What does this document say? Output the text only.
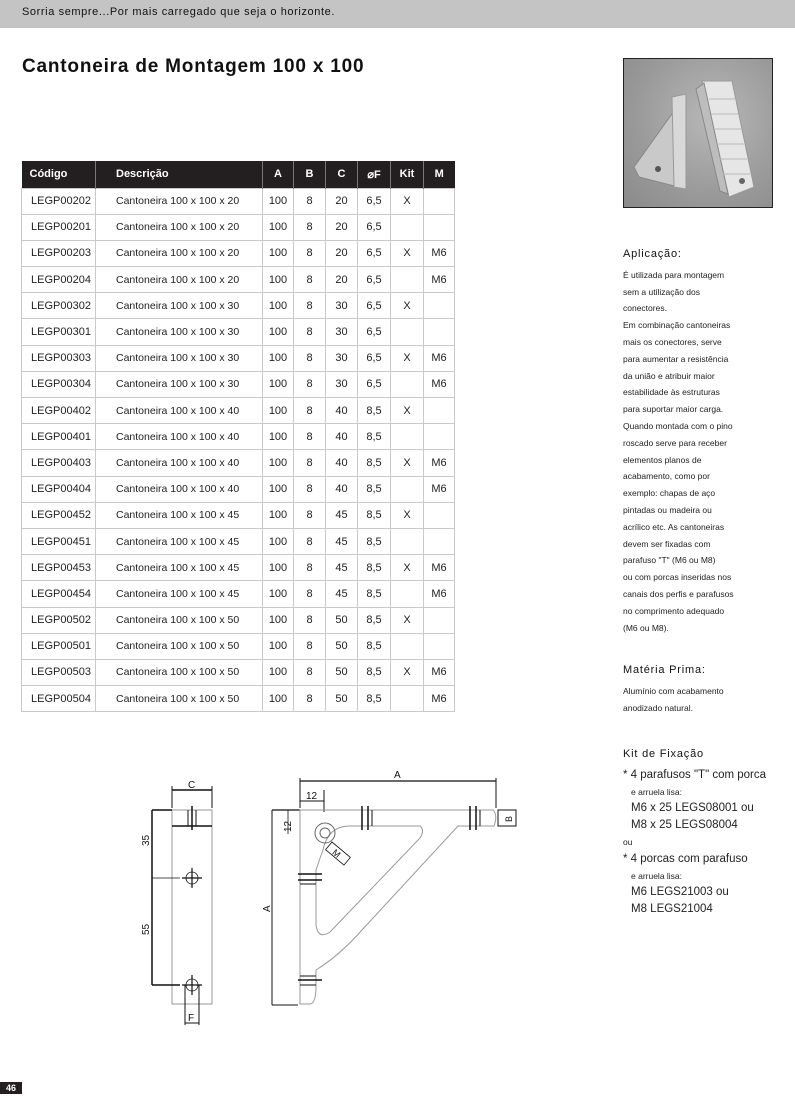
Sorria sempre...Por mais carregado que seja o horizonte.
Cantoneira de Montagem 100 x 100
Código	Descrição	A	B	C	⌀F	Kit	M
LEGP00202	Cantoneira 100 x 100 x 20	100	8	20	6,5	X	
LEGP00201	Cantoneira 100 x 100 x 20	100	8	20	6,5		
LEGP00203	Cantoneira 100 x 100 x 20	100	8	20	6,5	X	M6
LEGP00204	Cantoneira 100 x 100 x 20	100	8	20	6,5		M6
LEGP00302	Cantoneira 100 x 100 x 30	100	8	30	6,5	X	
LEGP00301	Cantoneira 100 x 100 x 30	100	8	30	6,5		
LEGP00303	Cantoneira 100 x 100 x 30	100	8	30	6,5	X	M6
LEGP00304	Cantoneira 100 x 100 x 30	100	8	30	6,5		M6
LEGP00402	Cantoneira 100 x 100 x 40	100	8	40	8,5	X	
LEGP00401	Cantoneira 100 x 100 x 40	100	8	40	8,5		
LEGP00403	Cantoneira 100 x 100 x 40	100	8	40	8,5	X	M6
LEGP00404	Cantoneira 100 x 100 x 40	100	8	40	8,5		M6
LEGP00452	Cantoneira 100 x 100 x 45	100	8	45	8,5	X	
LEGP00451	Cantoneira 100 x 100 x 45	100	8	45	8,5		
LEGP00453	Cantoneira 100 x 100 x 45	100	8	45	8,5	X	M6
LEGP00454	Cantoneira 100 x 100 x 45	100	8	45	8,5		M6
LEGP00502	Cantoneira 100 x 100 x 50	100	8	50	8,5	X	
LEGP00501	Cantoneira 100 x 100 x 50	100	8	50	8,5		
LEGP00503	Cantoneira 100 x 100 x 50	100	8	50	8,5	X	M6
LEGP00504	Cantoneira 100 x 100 x 50	100	8	50	8,5		M6
Aplicação:

É utilizada para montagem

sem a utilização dos

conectores.

Em combinação cantoneiras

mais os conectores, serve

para aumentar a resistência

da união e atribuir maior

estabilidade às estruturas

para suportar maior carga.

Quando montada com o pino

roscado serve para receber

elementos planos de

acabamento, como por

exemplo: chapas de aço

pintadas ou madeira ou

acrílico etc. As cantoneiras

devem ser fixadas com

parafuso "T" (M6 ou M8)

ou com porcas inseridas nos

canais dos perfis e parafusos

no comprimento adequado

(M6 ou M8).

Matéria Prima:

Alumínio com acabamento

anodizado natural.

Kit de Fixação

* 4 parafusos "T" com porca

e arruela lisa:

M6 x 25 LEGS08001 ou

M8 x 25 LEGS08004

ou

* 4 porcas com parafuso

e arruela lisa:

M6 LEGS21003 ou

M8 LEGS21004

C
F
35
55
A
12
12
A
M
B
46
